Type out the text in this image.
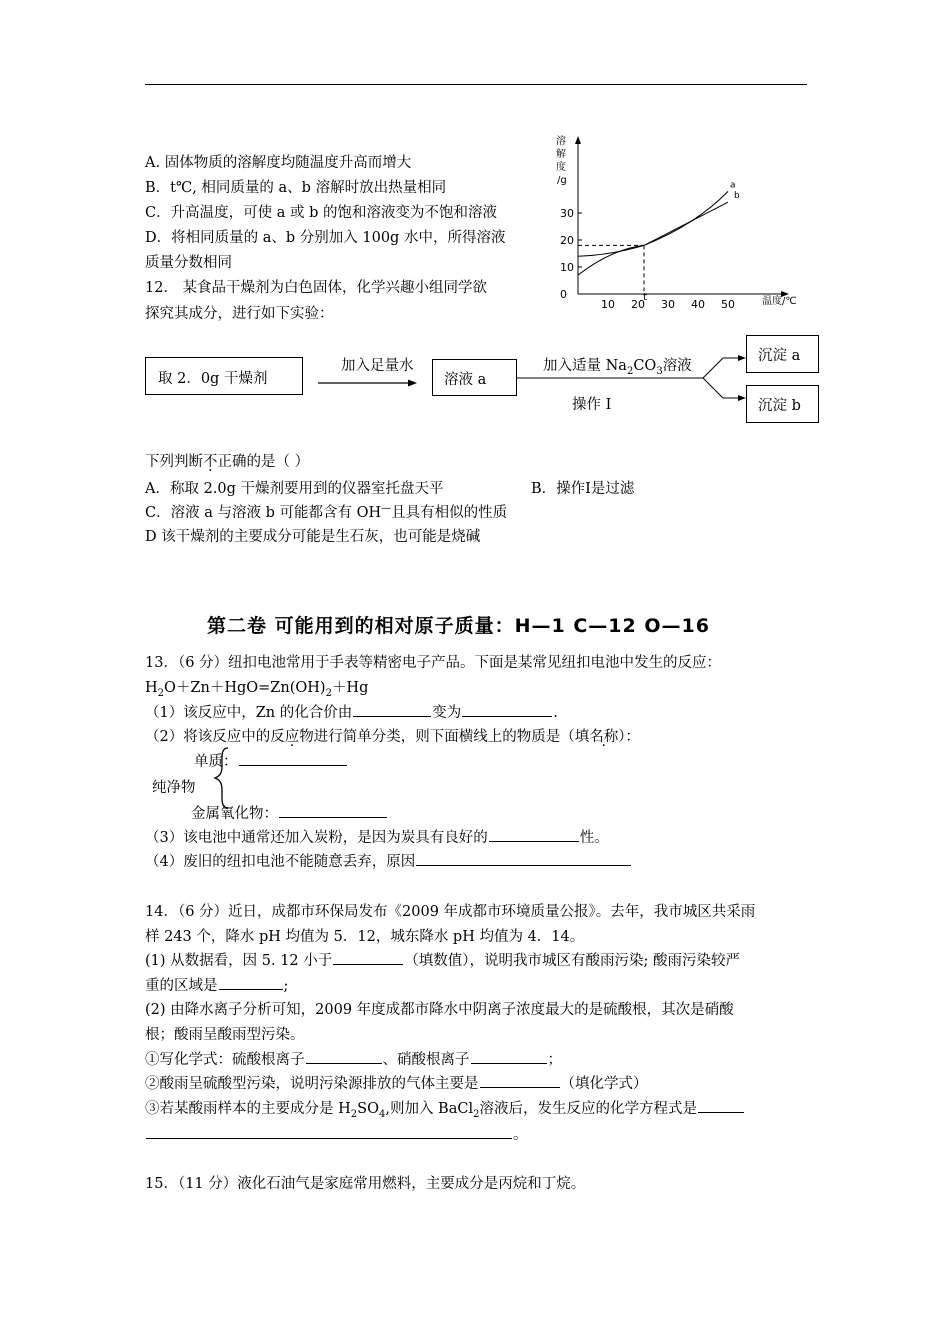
A. 固体物质的溶解度均随温度升高而增大
B．t℃, 相同质量的 a、b 溶解时放出热量相同
C．升高温度，可使 a 或 b 的饱和溶液变为不饱和溶液
D．将相同质量的 a、b 分别加入 100g 水中，所得溶液
质量分数相同
溶
解
度
/g
0
10
20
30
10 20 30 40 50
a
b
t	温度/℃
12． 某食品干燥剂为白色固体，化学兴趣小组同学欲
探究其成分，进行如下实验：
取 2．0g 干燥剂
加入足量水
溶液 a
加入适量 $Na_2CO_3$溶液
操作 I
沉淀 a
沉淀 b
下列判断不正确的是（ ）
A．称取 2.0g 干燥剂要用到的仪器室托盘天平	B．操作Ⅰ是过滤
C．溶液 a 与溶液 b 可能都含有 OH—且具有相似的性质
D 该干燥剂的主要成分可能是生石灰，也可能是烧碱
第二卷 可能用到的相对原子质量：H—1 C—12 O—16
13．（6 分）纽扣电池常用于手表等精密电子产品。下面是某常见纽扣电池中发生的反应：
$H_2O+Zn+HgO=Zn(OH)_2+Hg$
（1）该反应中，Zn 的化合价由	变为	.
（2）将该反应中的反应物进行简单分类，则下面横线上的物质是（填名称）：
单质：
纯净物
金属氧化物：
（3）该电池中通常还加入炭粉，是因为炭具有良好的	性。
（4）废旧的纽扣电池不能随意丢弃，原因
14．（6 分）近日，成都市环保局发布《2009 年成都市环境质量公报》。去年，我市城区共采雨
样 243 个，降水 pH 均值为 5．12，城东降水 pH 均值为 4．14。
(1) 从数据看，因 5. 12 小于	（填数值），说明我市城区有酸雨污染; 酸雨污染较严
重的区域是	;
(2) 由降水离子分析可知，2009 年度成都市降水中阴离子浓度最大的是硫酸根，其次是硝酸
根；酸雨呈酸雨型污染。
①写化学式：硫酸根离子	、硝酸根离子	；
②酸雨呈硫酸型污染，说明污染源排放的气体主要是	（填化学式）
③若某酸雨样本的主要成分是 $H_2SO_4$,则加入 BaCl$_2$溶液后，发生反应的化学方程式是
。
15．（11 分）液化石油气是家庭常用燃料，主要成分是丙烷和丁烷。
